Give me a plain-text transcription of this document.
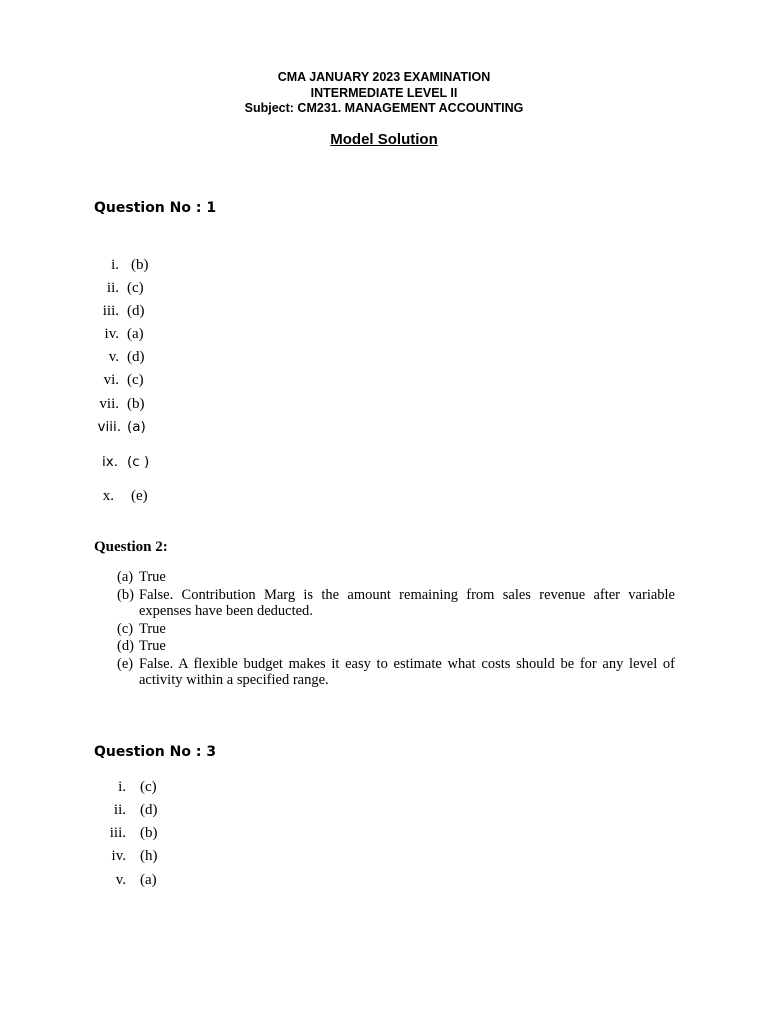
CMA JANUARY 2023 EXAMINATION
INTERMEDIATE LEVEL II
Subject: CM231. MANAGEMENT ACCOUNTING
Model Solution
Question No : 1
i. (b)
ii. (c)
iii. (d)
iv. (a)
v. (d)
vi. (c)
vii. (b)
viii. (a)
ix. (c )
x. (e)
Question 2:
(a) True
(b) False. Contribution Marg is the amount remaining from sales revenue after variable expenses have been deducted.
(c) True
(d) True
(e) False. A flexible budget makes it easy to estimate what costs should be for any level of activity within a specified range.
Question No : 3
i. (c)
ii. (d)
iii. (b)
iv. (h)
v. (a)
